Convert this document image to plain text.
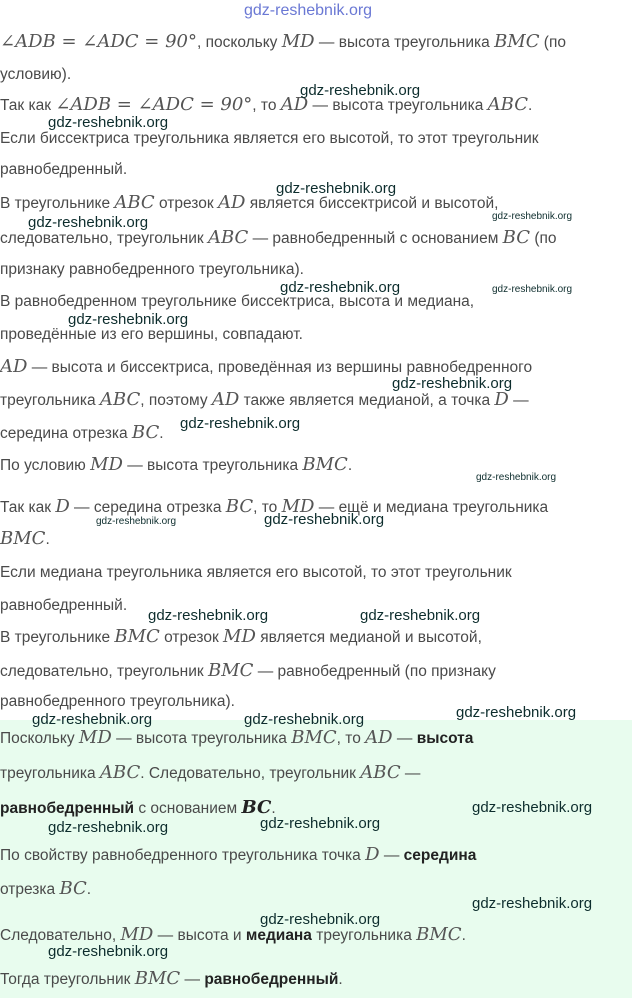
∠ADB = ∠ADC = 90°, поскольку MD — высота треугольника BMC (по
условию).
Так как ∠ADB = ∠ADC = 90°, то AD — высота треугольника ABC.
Если биссектриса треугольника является его высотой, то этот треугольник
равнобедренный.
В треугольнике ABC отрезок AD является биссектрисой и высотой,
следовательно, треугольник ABC — равнобедренный с основанием BC (по
признаку равнобедренного треугольника).
В равнобедренном треугольнике биссектриса, высота и медиана,
проведённые из его вершины, совпадают.
AD — высота и биссектриса, проведённая из вершины равнобедренного
треугольника ABC, поэтому AD также является медианой, а точка D —
середина отрезка BC.
По условию MD — высота треугольника BMC.
Так как D — середина отрезка BC, то MD — ещё и медиана треугольника
BMC.
Если медиана треугольника является его высотой, то этот треугольник
равнобедренный.
В треугольнике BMC отрезок MD является медианой и высотой,
следовательно, треугольник BMC — равнобедренный (по признаку
равнобедренного треугольника).
Поскольку MD — высота треугольника BMC, то AD — высота
треугольника ABC. Следовательно, треугольник ABC —
равнобедренный с основанием BC.
По свойству равнобедренного треугольника точка D — середина
отрезка BC.
Следовательно, MD — высота и медиана треугольника BMC.
Тогда треугольник BMC — равнобедренный.
gdz-reshebnik.org
gdz-reshebnik.org
gdz-reshebnik.org
gdz-reshebnik.org
gdz-reshebnik.org	gdz-reshebnik.org
gdz-reshebnik.org	gdz-reshebnik.org
gdz-reshebnik.org
gdz-reshebnik.org
gdz-reshebnik.org
gdz-reshebnik.org
gdz-reshebnik.org	gdz-reshebnik.org
gdz-reshebnik.org	gdz-reshebnik.org
gdz-reshebnik.org
gdz-reshebnik.org	gdz-reshebnik.org
gdz-reshebnik.org
gdz-reshebnik.org	gdz-reshebnik.org
gdz-reshebnik.org
gdz-reshebnik.org
gdz-reshebnik.org
